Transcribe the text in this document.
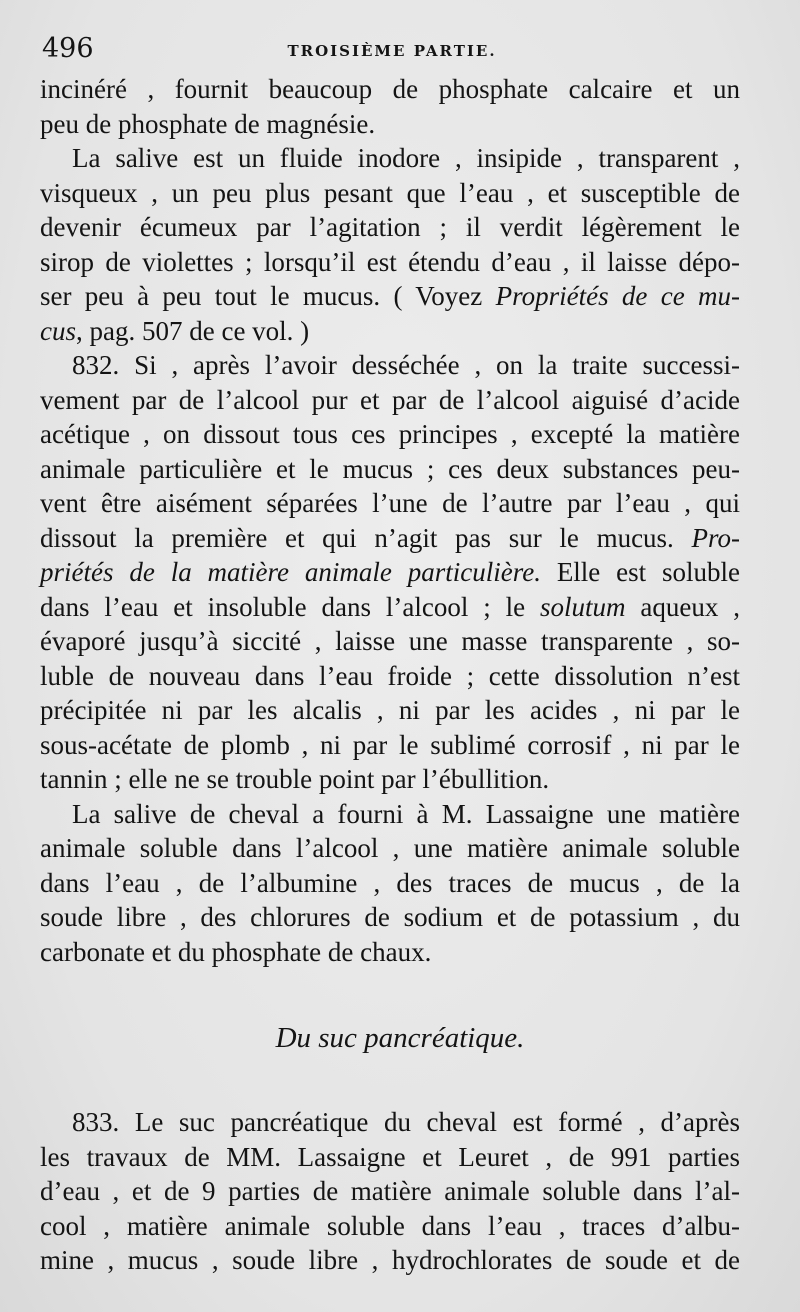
496	TROISIÈME PARTIE.
incinéré , fournit beaucoup de phosphate calcaire et un
peu de phosphate de magnésie.
La salive est un fluide inodore , insipide , transparent ,
visqueux , un peu plus pesant que l’eau , et susceptible de
devenir écumeux par l’agitation ; il verdit légèrement le
sirop de violettes ; lorsqu’il est étendu d’eau , il laisse dépo-
ser peu à peu tout le mucus. ( Voyez Propriétés de ce mu-
cus, pag. 507 de ce vol. )
832. Si , après l’avoir desséchée , on la traite successi-
vement par de l’alcool pur et par de l’alcool aiguisé d’acide
acétique , on dissout tous ces principes , excepté la matière
animale particulière et le mucus ; ces deux substances peu-
vent être aisément séparées l’une de l’autre par l’eau , qui
dissout la première et qui n’agit pas sur le mucus. Pro-
priétés de la matière animale particulière. Elle est soluble
dans l’eau et insoluble dans l’alcool ; le solutum aqueux ,
évaporé jusqu’à siccité , laisse une masse transparente , so-
luble de nouveau dans l’eau froide ; cette dissolution n’est
précipitée ni par les alcalis , ni par les acides , ni par le
sous-acétate de plomb , ni par le sublimé corrosif , ni par le
tannin ; elle ne se trouble point par l’ébullition.
La salive de cheval a fourni à M. Lassaigne une matière
animale soluble dans l’alcool , une matière animale soluble
dans l’eau , de l’albumine , des traces de mucus , de la
soude libre , des chlorures de sodium et de potassium , du
carbonate et du phosphate de chaux.
Du suc pancréatique.
833. Le suc pancréatique du cheval est formé , d’après
les travaux de MM. Lassaigne et Leuret , de 991 parties
d’eau , et de 9 parties de matière animale soluble dans l’al-
cool , matière animale soluble dans l’eau , traces d’albu-
mine , mucus , soude libre , hydrochlorates de soude et de
